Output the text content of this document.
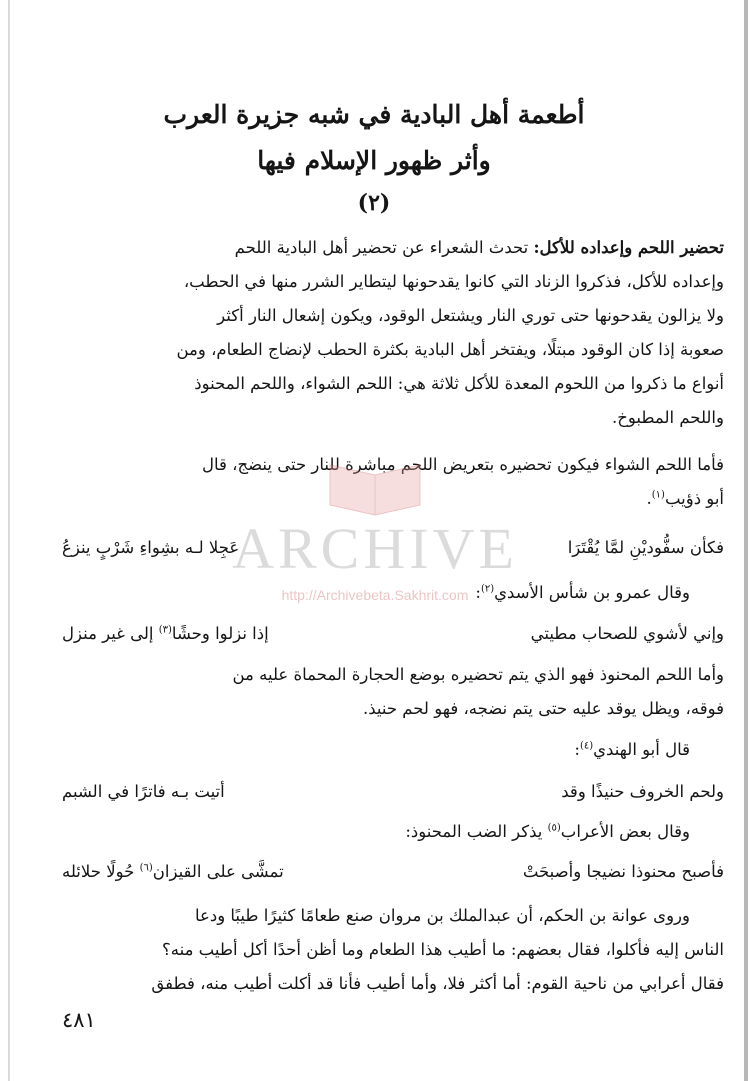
أطعمة أهل البادية في شبه جزيرة العرب
وأثر ظهور الإسلام فيها
(٢)
تحضير اللحم وإعداده للأكل: تحدث الشعراء عن تحضير أهل البادية اللحم
وإعداده للأكل، فذكروا الزناد التي كانوا يقدحونها ليتطاير الشرر منها في الحطب،
ولا يزالون يقدحونها حتى توري النار ويشتعل الوقود، ويكون إشعال النار أكثر
صعوبة إذا كان الوقود مبتلًا، ويفتخر أهل البادية بكثرة الحطب لإنضاج الطعام، ومن
أنواع ما ذكروا من اللحوم المعدة للأكل ثلاثة هي: اللحم الشواء، واللحم المحنوذ
واللحم المطبوخ.
فأما اللحم الشواء فيكون تحضيره بتعريض اللحم مباشرة للنار حتى ينضج، قال
أبو ذؤيب$^{(١)}$.
فكأن سفُّوديْنِ لمَّا يُقْتَرَا
عَجِلا لـه بشِواءِ شَرْبٍ ينزعُ
وقال عمرو بن شأس الأسدي$^{(٢)}$:
وإني لأشوي للصحاب مطيتي
إذا نزلوا وحشًا$^{(٣)}$ إلى غير منزل
وأما اللحم المحنوذ فهو الذي يتم تحضيره بوضع الحجارة المحماة عليه من
فوقه، ويظل يوقد عليه حتى يتم نضجه، فهو لحم حنيذ.
قال أبو الهندي$^{(٤)}$:
ولحم الخروف حنيذًا وقد
أتيت بـه فاترًا في الشبم
وقال بعض الأعراب$^{(٥)}$ يذكر الضب المحنوذ:
فأصبح محنوذا نضيجا وأصبحَتْ
تمشَّى على القيزان$^{(٦)}$ حُولًا حلائله
وروى عوانة بن الحكم، أن عبدالملك بن مروان صنع طعامًا كثيرًا طيبًا ودعا
الناس إليه فأكلوا، فقال بعضهم: ما أطيب هذا الطعام وما أظن أحدًا أكل أطيب منه؟
فقال أعرابي من ناحية القوم: أما أكثر فلا، وأما أطيب فأنا قد أكلت أطيب منه، فطفق
٤٨١
ARCHIVE
http://Archivebeta.Sakhrit.com
